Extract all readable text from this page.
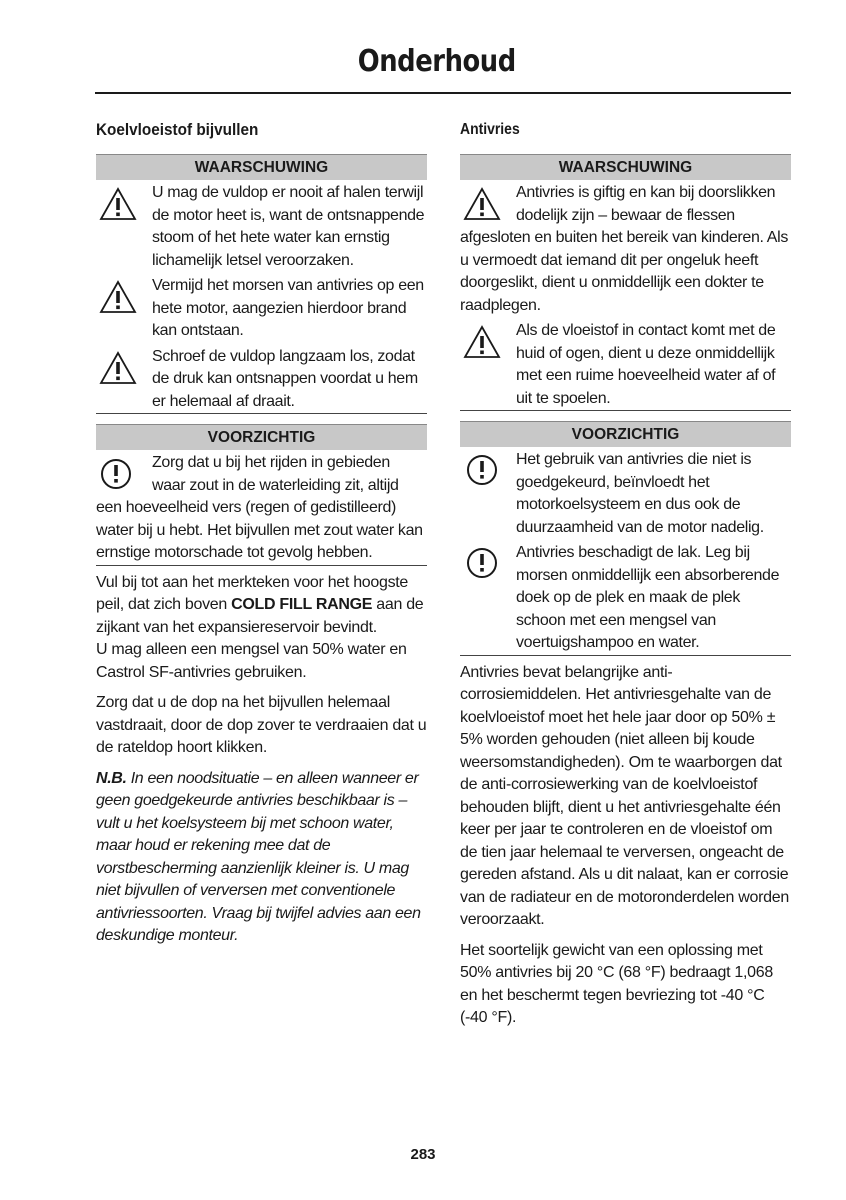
Onderhoud
Koelvloeistof bijvullen
WAARSCHUWING
U mag de vuldop er nooit af halen terwijl de motor heet is, want de ontsnappende stoom of het hete water kan ernstig lichamelijk letsel veroorzaken.
Vermijd het morsen van antivries op een hete motor, aangezien hierdoor brand kan ontstaan.
Schroef de vuldop langzaam los, zodat de druk kan ontsnappen voordat u hem er helemaal af draait.
VOORZICHTIG
Zorg dat u bij het rijden in gebieden waar zout in de waterleiding zit, altijd een hoeveelheid vers (regen of gedistilleerd) water bij u hebt. Het bijvullen met zout water kan ernstige motorschade tot gevolg hebben.

Vul bij tot aan het merkteken voor het hoogste peil, dat zich boven COLD FILL RANGE aan de zijkant van het expansiereservoir bevindt.

U mag alleen een mengsel van 50% water en Castrol SF-antivries gebruiken.

Zorg dat u de dop na het bijvullen helemaal vastdraait, door de dop zover te verdraaien dat u de rateldop hoort klikken.

N.B. In een noodsituatie – en alleen wanneer er geen goedgekeurde antivries beschikbaar is – vult u het koelsysteem bij met schoon water, maar houd er rekening mee dat de vorstbescherming aanzienlijk kleiner is. U mag niet bijvullen of verversen met conventionele antivriessoorten. Vraag bij twijfel advies aan een deskundige monteur.

Antivries
WAARSCHUWING
Antivries is giftig en kan bij doorslikken dodelijk zijn – bewaar de flessen afgesloten en buiten het bereik van kinderen. Als u vermoedt dat iemand dit per ongeluk heeft doorgeslikt, dient u onmiddellijk een dokter te raadplegen.
Als de vloeistof in contact komt met de huid of ogen, dient u deze onmiddellijk met een ruime hoeveelheid water af of uit te spoelen.
VOORZICHTIG
Het gebruik van antivries die niet is goedgekeurd, beïnvloedt het motorkoelsysteem en dus ook de duurzaamheid van de motor nadelig.
Antivries beschadigt de lak. Leg bij morsen onmiddellijk een absorberende doek op de plek en maak de plek schoon met een mengsel van voertuigshampoo en water.

Antivries bevat belangrijke anti-corrosiemiddelen. Het antivriesgehalte van de koelvloeistof moet het hele jaar door op 50% ± 5% worden gehouden (niet alleen bij koude weersomstandigheden). Om te waarborgen dat de anti-corrosiewerking van de koelvloeistof behouden blijft, dient u het antivriesgehalte één keer per jaar te controleren en de vloeistof om de tien jaar helemaal te verversen, ongeacht de gereden afstand. Als u dit nalaat, kan er corrosie van de radiateur en de motoronderdelen worden veroorzaakt.

Het soortelijk gewicht van een oplossing met 50% antivries bij 20 °C (68 °F) bedraagt 1,068 en het beschermt tegen bevriezing tot -40 °C (-40 °F).

283
